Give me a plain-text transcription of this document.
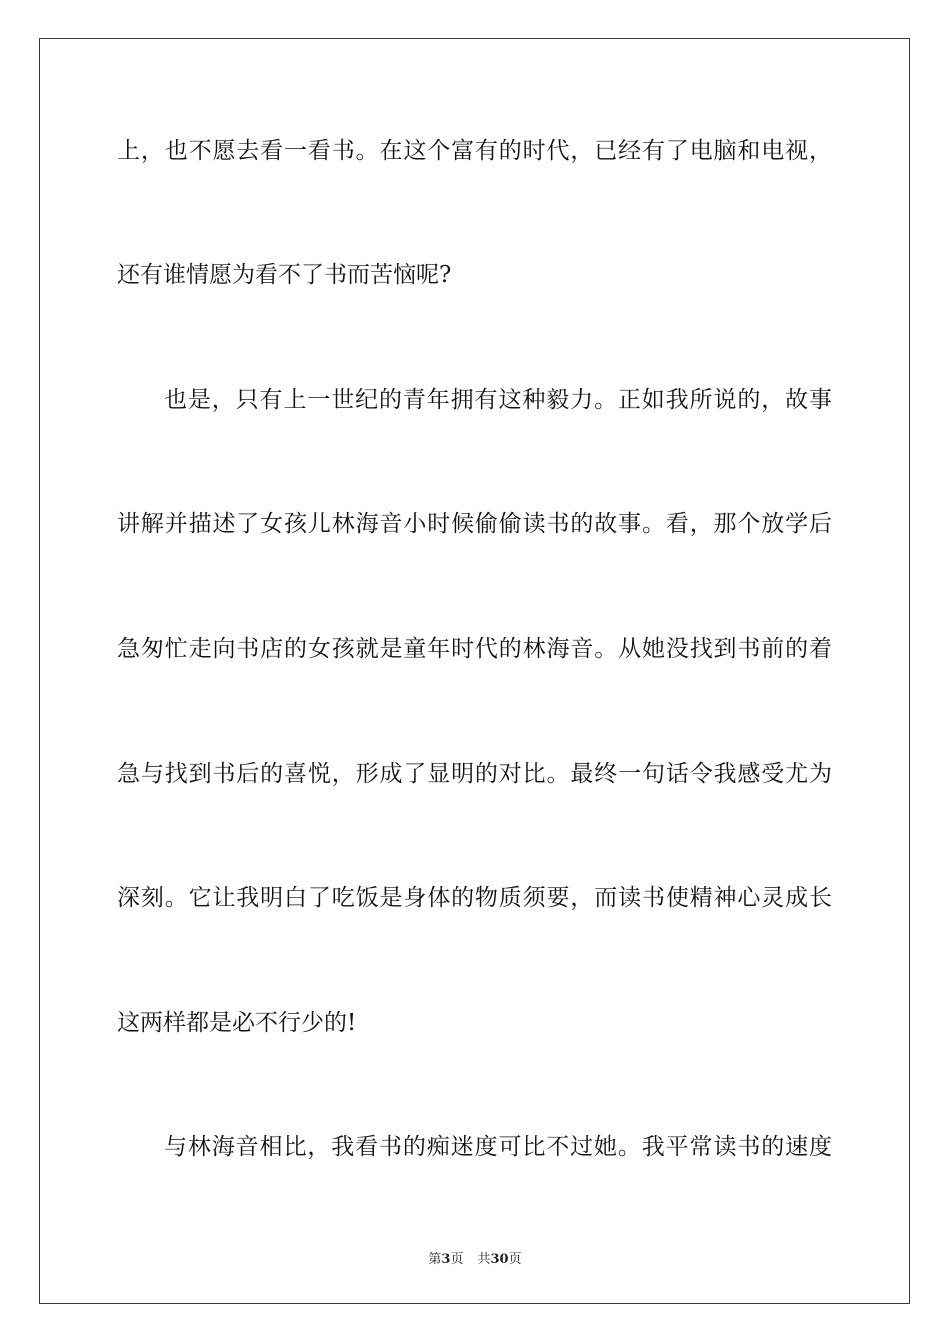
上，也不愿去看一看书。在这个富有的时代，已经有了电脑和电视，
还有谁情愿为看不了书而苦恼呢?
也是，只有上一世纪的青年拥有这种毅力。正如我所说的，故事
讲解并描述了女孩儿林海音小时候偷偷读书的故事。看，那个放学后
急匆忙走向书店的女孩就是童年时代的林海音。从她没找到书前的着
急与找到书后的喜悦，形成了显明的对比。最终一句话令我感受尤为
深刻。它让我明白了吃饭是身体的物质须要，而读书使精神心灵成长
这两样都是必不行少的!
与林海音相比，我看书的痴迷度可比不过她。我平常读书的速度
第3页 共30页
